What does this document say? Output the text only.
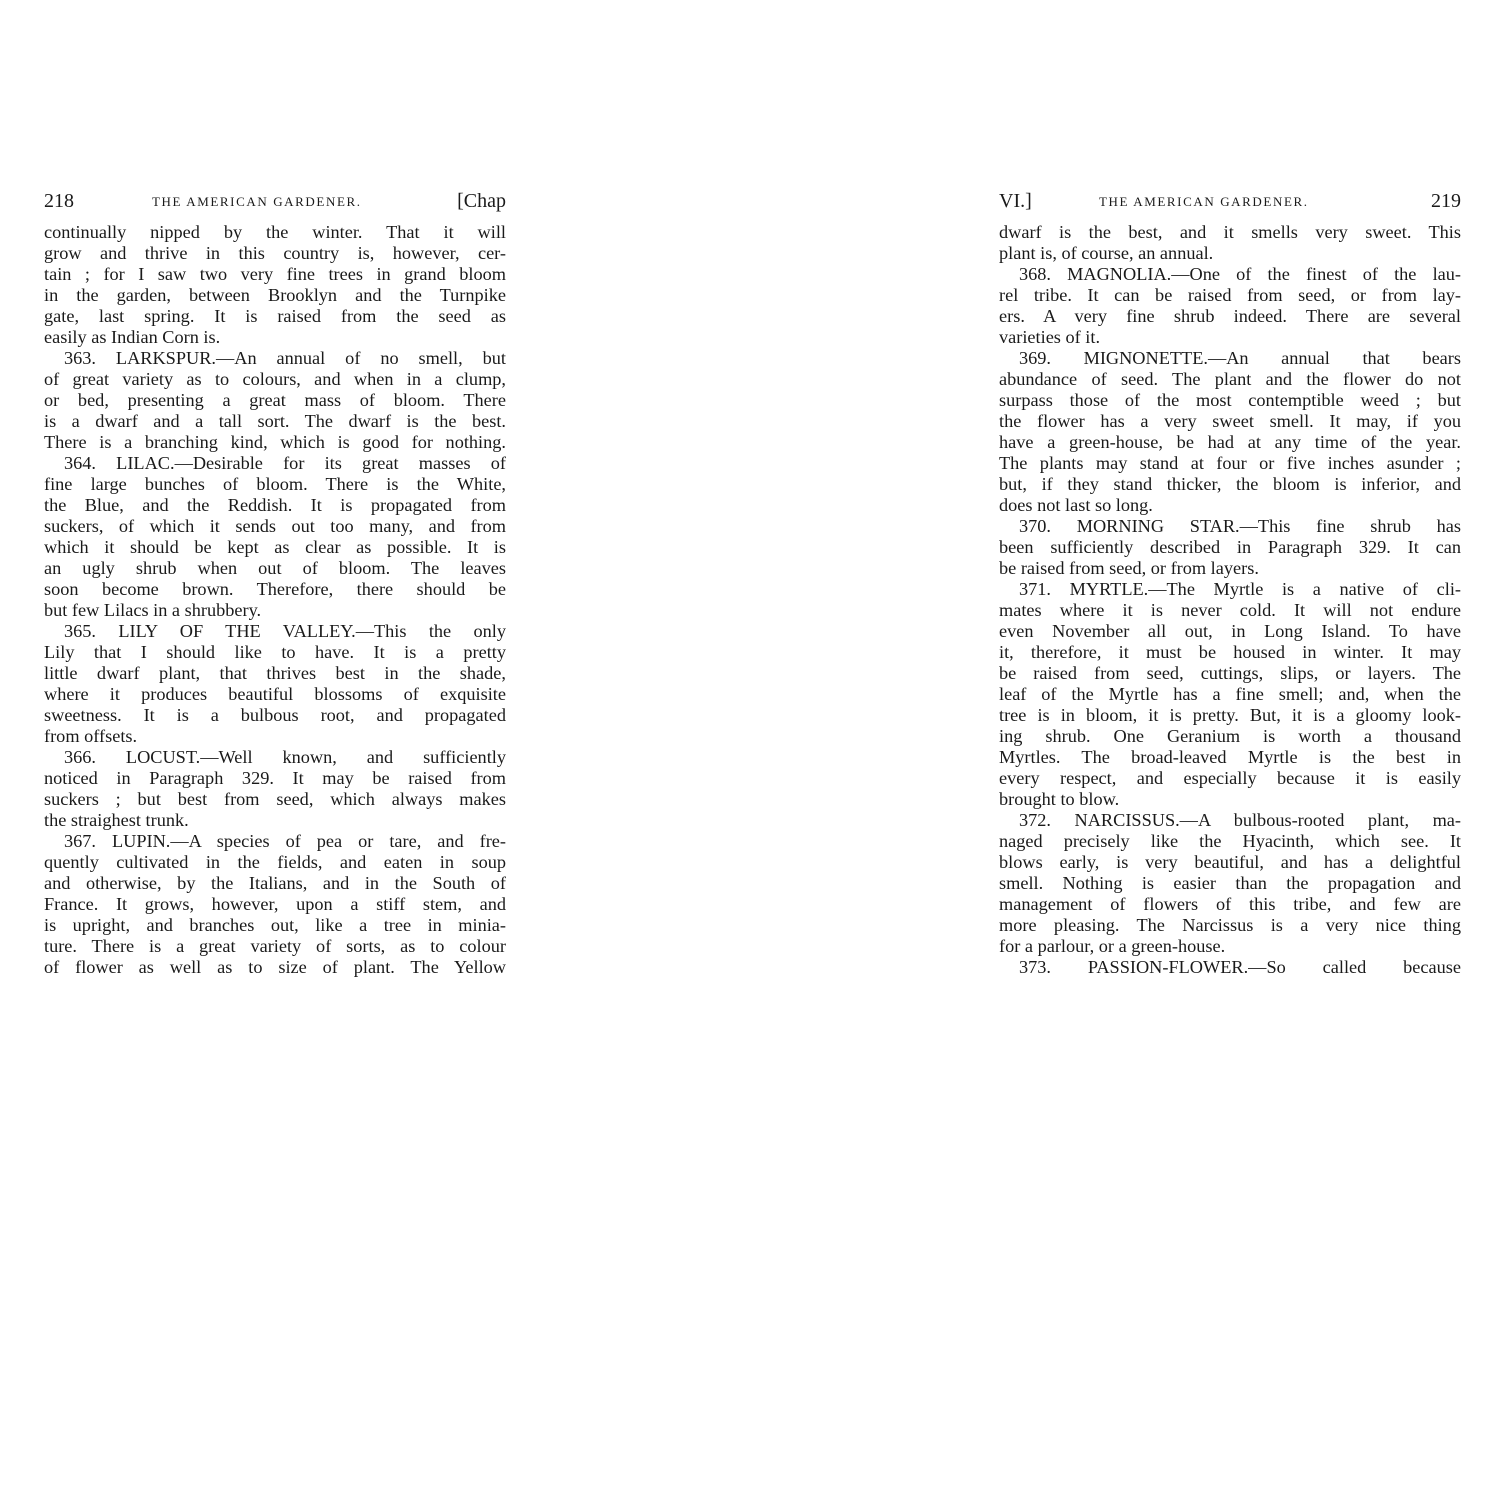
218	THE AMERICAN GARDENER.	[Chap
continually nipped by the winter. That it will
grow and thrive in this country is, however, cer-
tain ; for I saw two very fine trees in grand bloom
in the garden, between Brooklyn and the Turnpike
gate, last spring. It is raised from the seed as
easily as Indian Corn is.
363. LARKSPUR.—An annual of no smell, but
of great variety as to colours, and when in a clump,
or bed, presenting a great mass of bloom. There
is a dwarf and a tall sort. The dwarf is the best.
There is a branching kind, which is good for nothing.
364. LILAC.—Desirable for its great masses of
fine large bunches of bloom. There is the White,
the Blue, and the Reddish. It is propagated from
suckers, of which it sends out too many, and from
which it should be kept as clear as possible. It is
an ugly shrub when out of bloom. The leaves
soon become brown. Therefore, there should be
but few Lilacs in a shrubbery.
365. LILY OF THE VALLEY.—This the only
Lily that I should like to have. It is a pretty
little dwarf plant, that thrives best in the shade,
where it produces beautiful blossoms of exquisite
sweetness. It is a bulbous root, and propagated
from offsets.
366. LOCUST.—Well known, and sufficiently
noticed in Paragraph 329. It may be raised from
suckers ; but best from seed, which always makes
the straighest trunk.
367. LUPIN.—A species of pea or tare, and fre-
quently cultivated in the fields, and eaten in soup
and otherwise, by the Italians, and in the South of
France. It grows, however, upon a stiff stem, and
is upright, and branches out, like a tree in minia-
ture. There is a great variety of sorts, as to colour
of flower as well as to size of plant. The Yellow
VI.]	THE AMERICAN GARDENER.	219
dwarf is the best, and it smells very sweet. This
plant is, of course, an annual.
368. MAGNOLIA.—One of the finest of the lau-
rel tribe. It can be raised from seed, or from lay-
ers. A very fine shrub indeed. There are several
varieties of it.
369. MIGNONETTE.—An annual that bears
abundance of seed. The plant and the flower do not
surpass those of the most contemptible weed ; but
the flower has a very sweet smell. It may, if you
have a green-house, be had at any time of the year.
The plants may stand at four or five inches asunder ;
but, if they stand thicker, the bloom is inferior, and
does not last so long.
370. MORNING STAR.—This fine shrub has
been sufficiently described in Paragraph 329. It can
be raised from seed, or from layers.
371. MYRTLE.—The Myrtle is a native of cli-
mates where it is never cold. It will not endure
even November all out, in Long Island. To have
it, therefore, it must be housed in winter. It may
be raised from seed, cuttings, slips, or layers. The
leaf of the Myrtle has a fine smell; and, when the
tree is in bloom, it is pretty. But, it is a gloomy look-
ing shrub. One Geranium is worth a thousand
Myrtles. The broad-leaved Myrtle is the best in
every respect, and especially because it is easily
brought to blow.
372. NARCISSUS.—A bulbous-rooted plant, ma-
naged precisely like the Hyacinth, which see. It
blows early, is very beautiful, and has a delightful
smell. Nothing is easier than the propagation and
management of flowers of this tribe, and few are
more pleasing. The Narcissus is a very nice thing
for a parlour, or a green-house.
373. PASSION-FLOWER.—So called because
